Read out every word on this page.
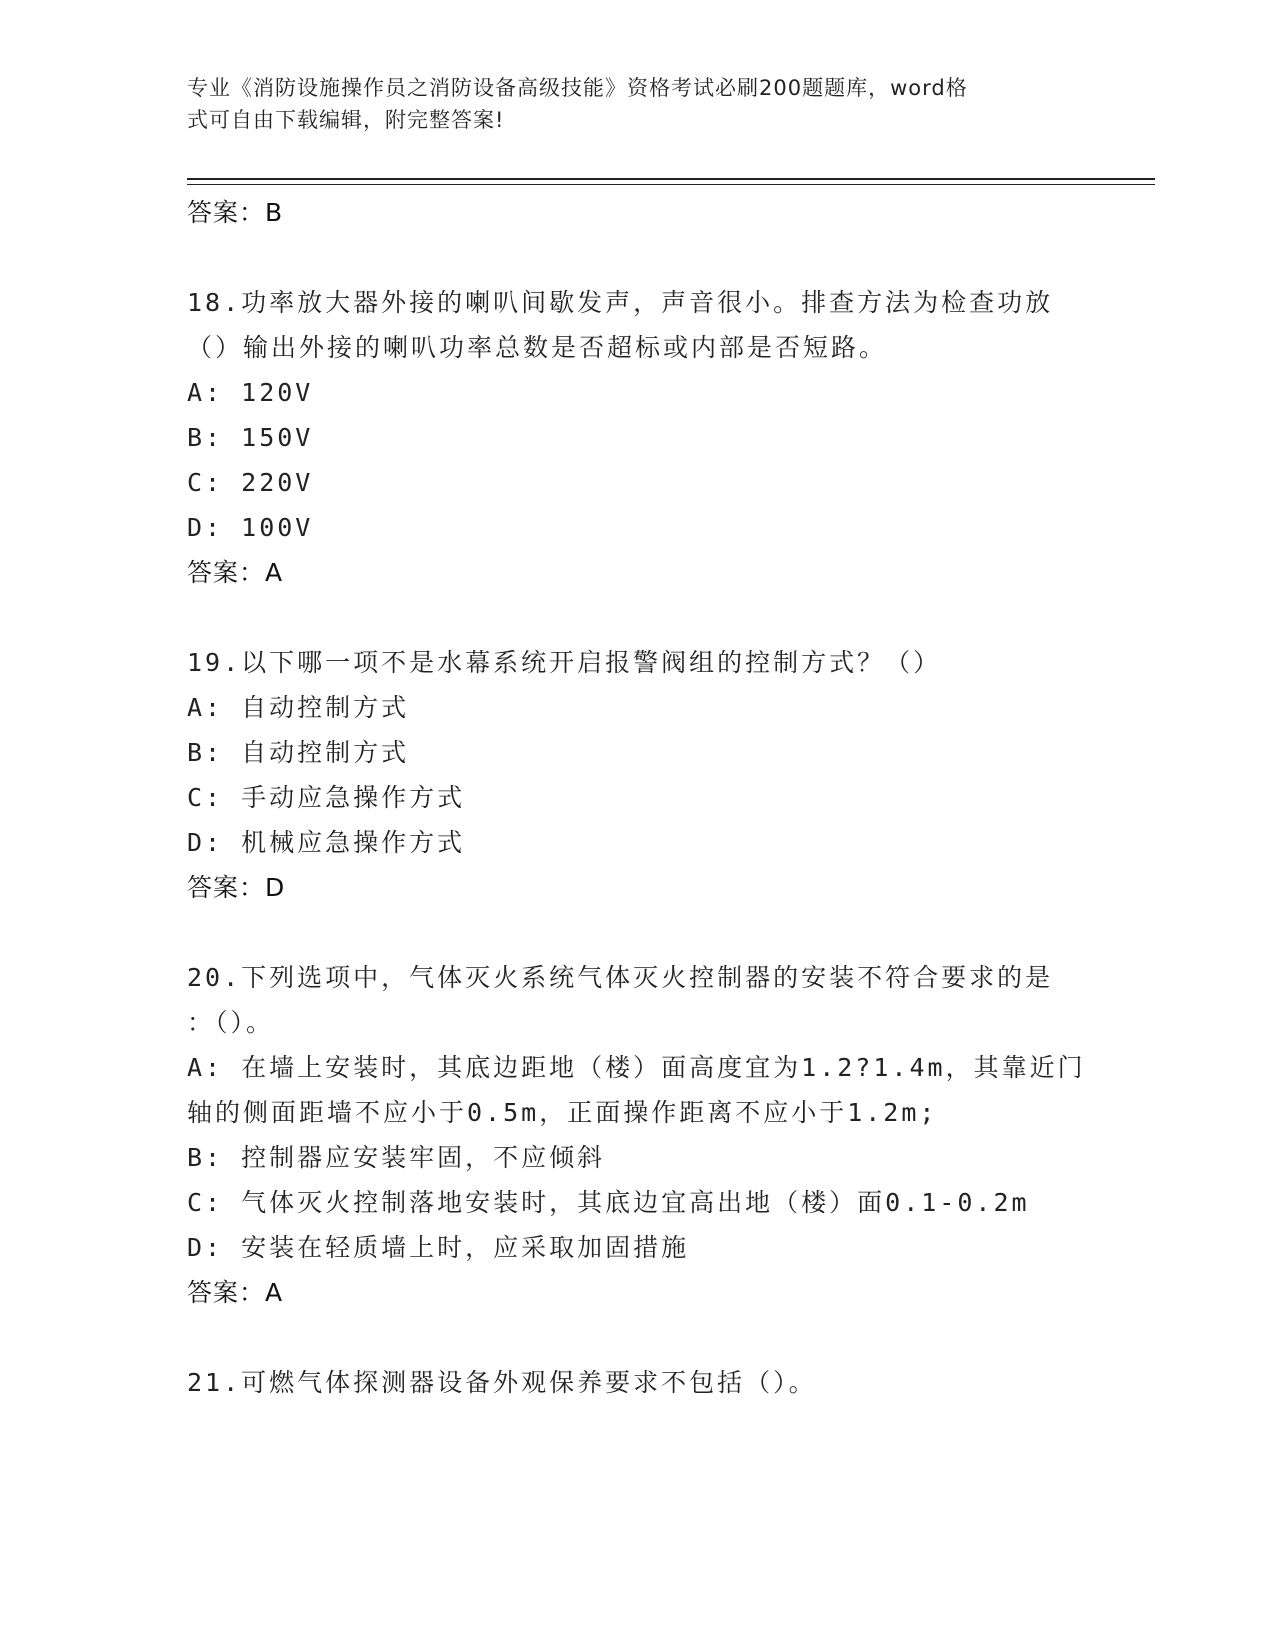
专业《消防设施操作员之消防设备高级技能》资格考试必刷200题题库，word格
式可自由下载编辑，附完整答案!
答案：B
18.功率放大器外接的喇叭间歇发声，声音很小。排查方法为检查功放
（）输出外接的喇叭功率总数是否超标或内部是否短路。
A: 120V
B: 150V
C: 220V
D: 100V
答案：A
19.以下哪一项不是水幕系统开启报警阀组的控制方式？（）
A: 自动控制方式
B: 自动控制方式
C: 手动应急操作方式
D: 机械应急操作方式
答案：D
20.下列选项中，气体灭火系统气体灭火控制器的安装不符合要求的是
：（）。
A: 在墙上安装时，其底边距地（楼）面高度宜为1.2?1.4m，其靠近门
轴的侧面距墙不应小于0.5m，正面操作距离不应小于1.2m;
B: 控制器应安装牢固，不应倾斜
C: 气体灭火控制落地安装时，其底边宜高出地（楼）面0.1-0.2m
D: 安装在轻质墙上时，应采取加固措施
答案：A
21.可燃气体探测器设备外观保养要求不包括（）。
